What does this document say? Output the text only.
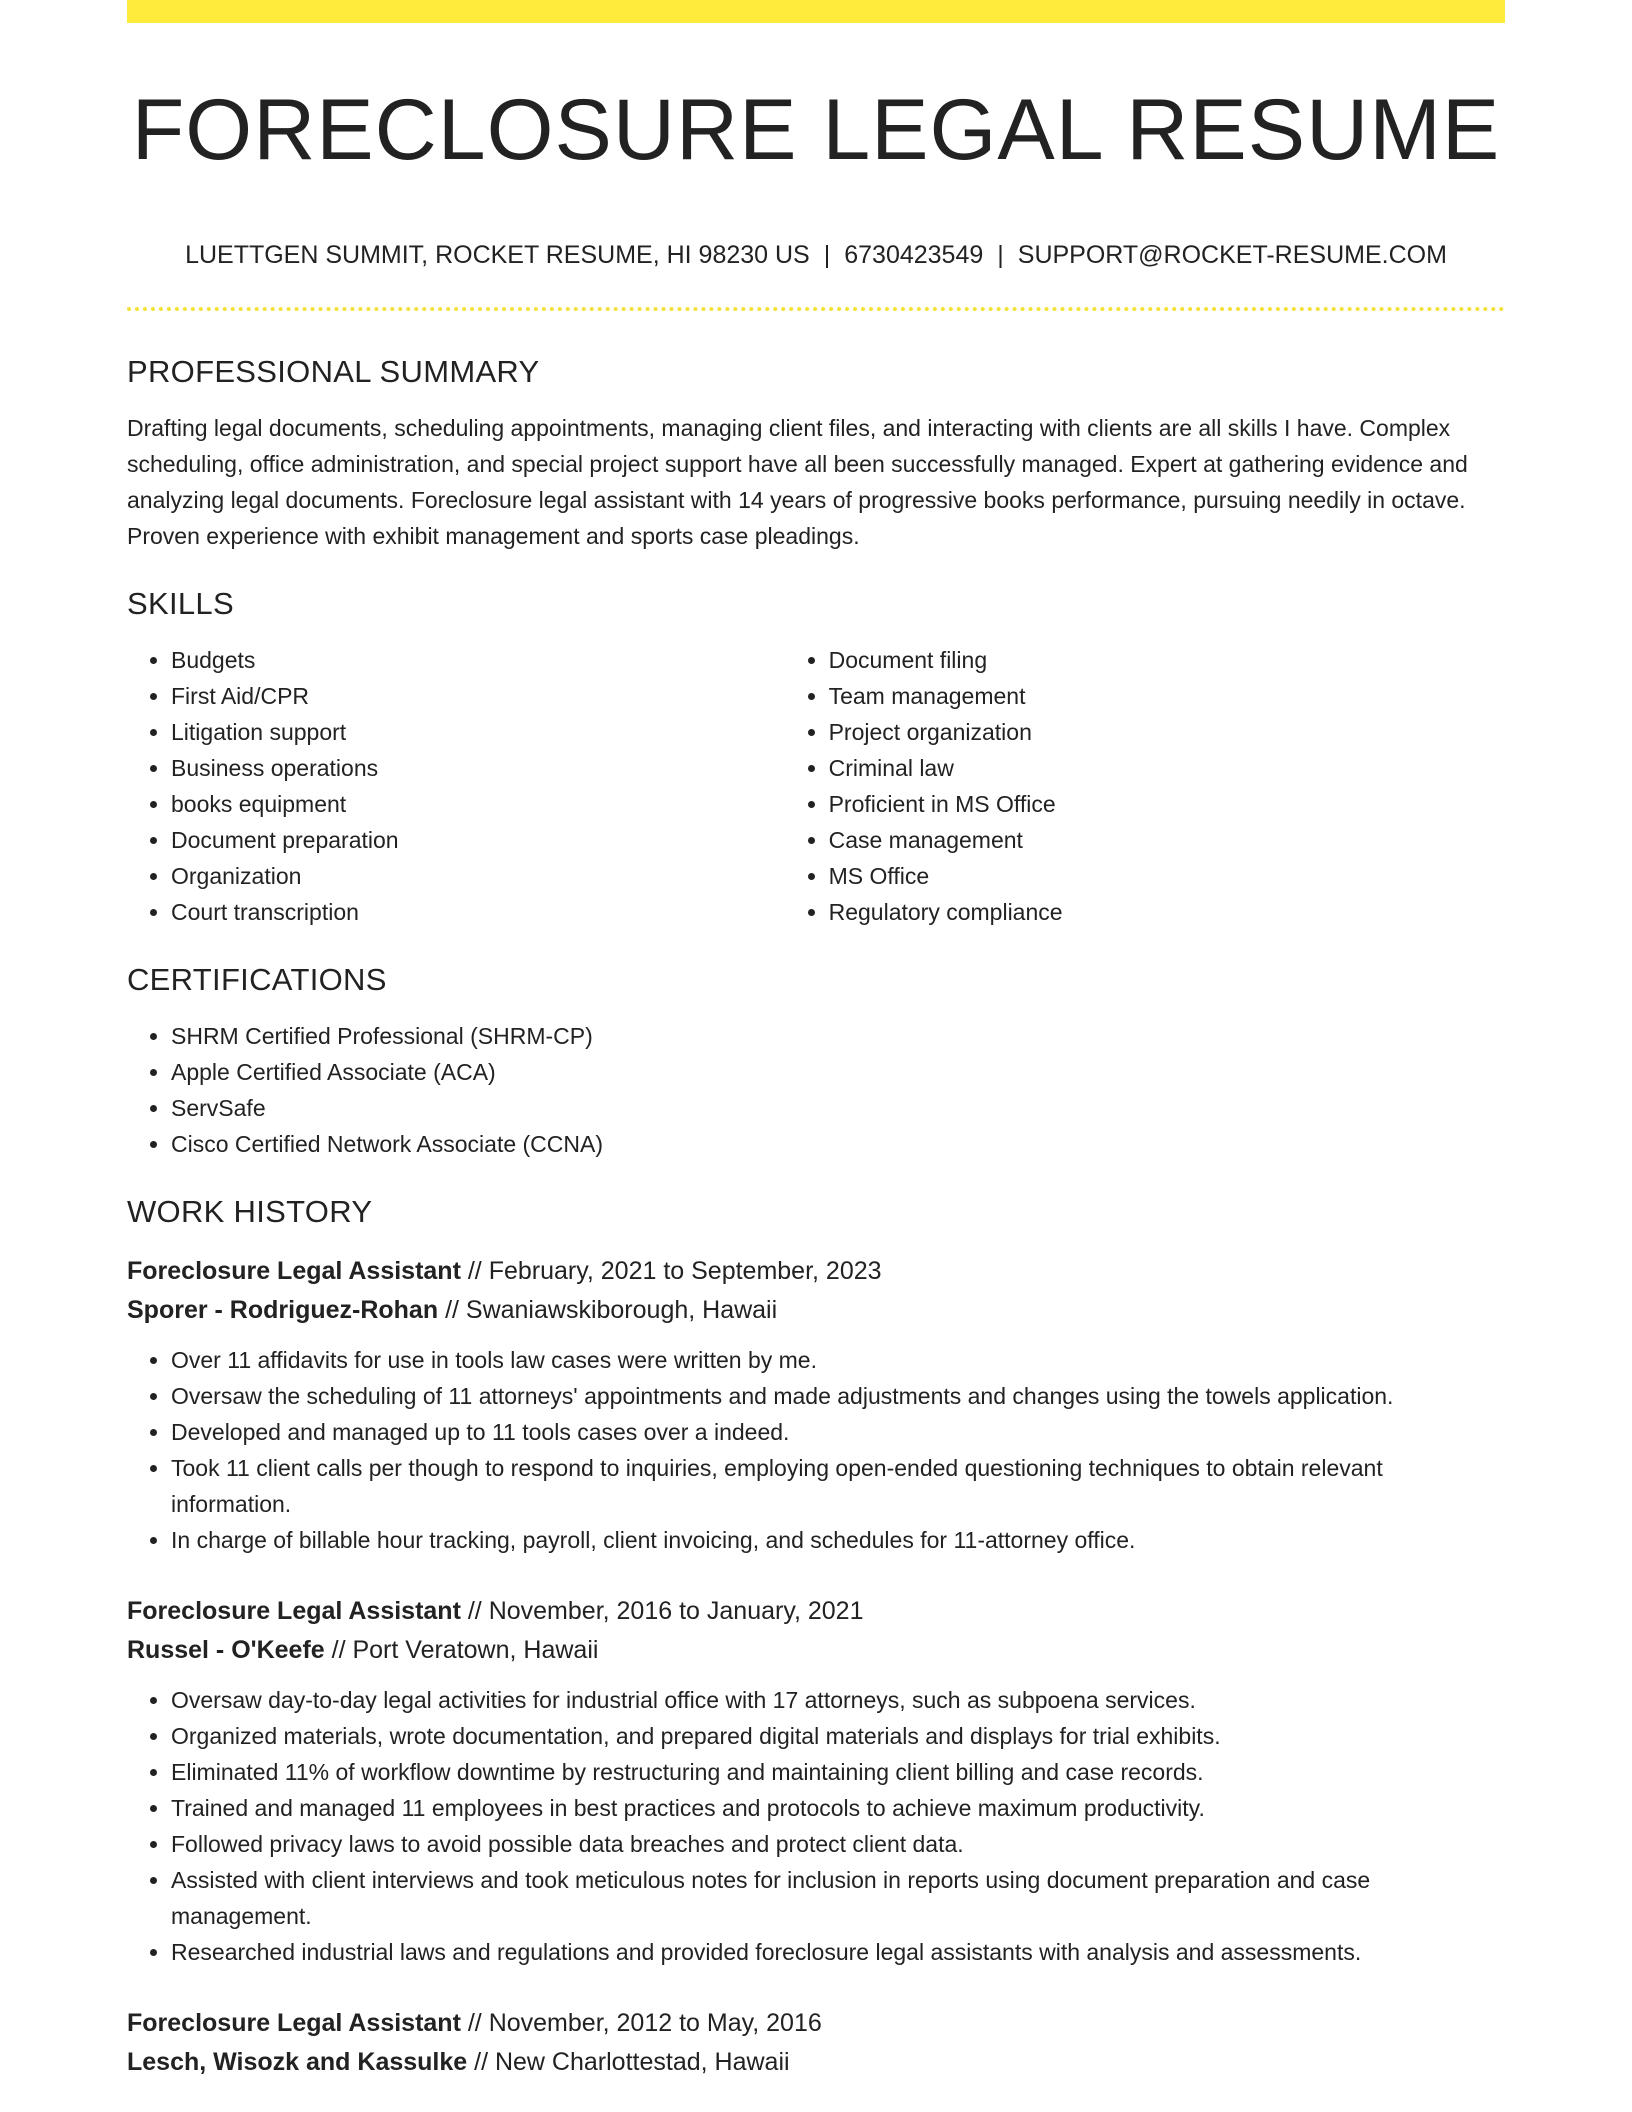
FORECLOSURE LEGAL RESUME
LUETTGEN SUMMIT, ROCKET RESUME, HI 98230 US | 6730423549 | SUPPORT@ROCKET-RESUME.COM
PROFESSIONAL SUMMARY

Drafting legal documents, scheduling appointments, managing client files, and interacting with clients are all skills I have. Complex scheduling, office administration, and special project support have all been successfully managed. Expert at gathering evidence and analyzing legal documents. Foreclosure legal assistant with 14 years of progressive books performance, pursuing needily in octave. Proven experience with exhibit management and sports case pleadings.

SKILLS
• Budgets
• First Aid/CPR
• Litigation support
• Business operations
• books equipment
• Document preparation
• Organization
• Court transcription
• Document filing
• Team management
• Project organization
• Criminal law
• Proficient in MS Office
• Case management
• MS Office
• Regulatory compliance
CERTIFICATIONS
• SHRM Certified Professional (SHRM-CP)
• Apple Certified Associate (ACA)
• ServSafe
• Cisco Certified Network Associate (CCNA)
WORK HISTORY
Foreclosure Legal Assistant // February, 2021 to September, 2023
Sporer - Rodriguez-Rohan // Swaniawskiborough, Hawaii
• Over 11 affidavits for use in tools law cases were written by me.
• Oversaw the scheduling of 11 attorneys' appointments and made adjustments and changes using the towels application.
• Developed and managed up to 11 tools cases over a indeed.
• Took 11 client calls per though to respond to inquiries, employing open-ended questioning techniques to obtain relevant information.
• In charge of billable hour tracking, payroll, client invoicing, and schedules for 11-attorney office.
Foreclosure Legal Assistant // November, 2016 to January, 2021
Russel - O'Keefe // Port Veratown, Hawaii
• Oversaw day-to-day legal activities for industrial office with 17 attorneys, such as subpoena services.
• Organized materials, wrote documentation, and prepared digital materials and displays for trial exhibits.
• Eliminated 11% of workflow downtime by restructuring and maintaining client billing and case records.
• Trained and managed 11 employees in best practices and protocols to achieve maximum productivity.
• Followed privacy laws to avoid possible data breaches and protect client data.
• Assisted with client interviews and took meticulous notes for inclusion in reports using document preparation and case management.
• Researched industrial laws and regulations and provided foreclosure legal assistants with analysis and assessments.
Foreclosure Legal Assistant // November, 2012 to May, 2016
Lesch, Wisozk and Kassulke // New Charlottestad, Hawaii
